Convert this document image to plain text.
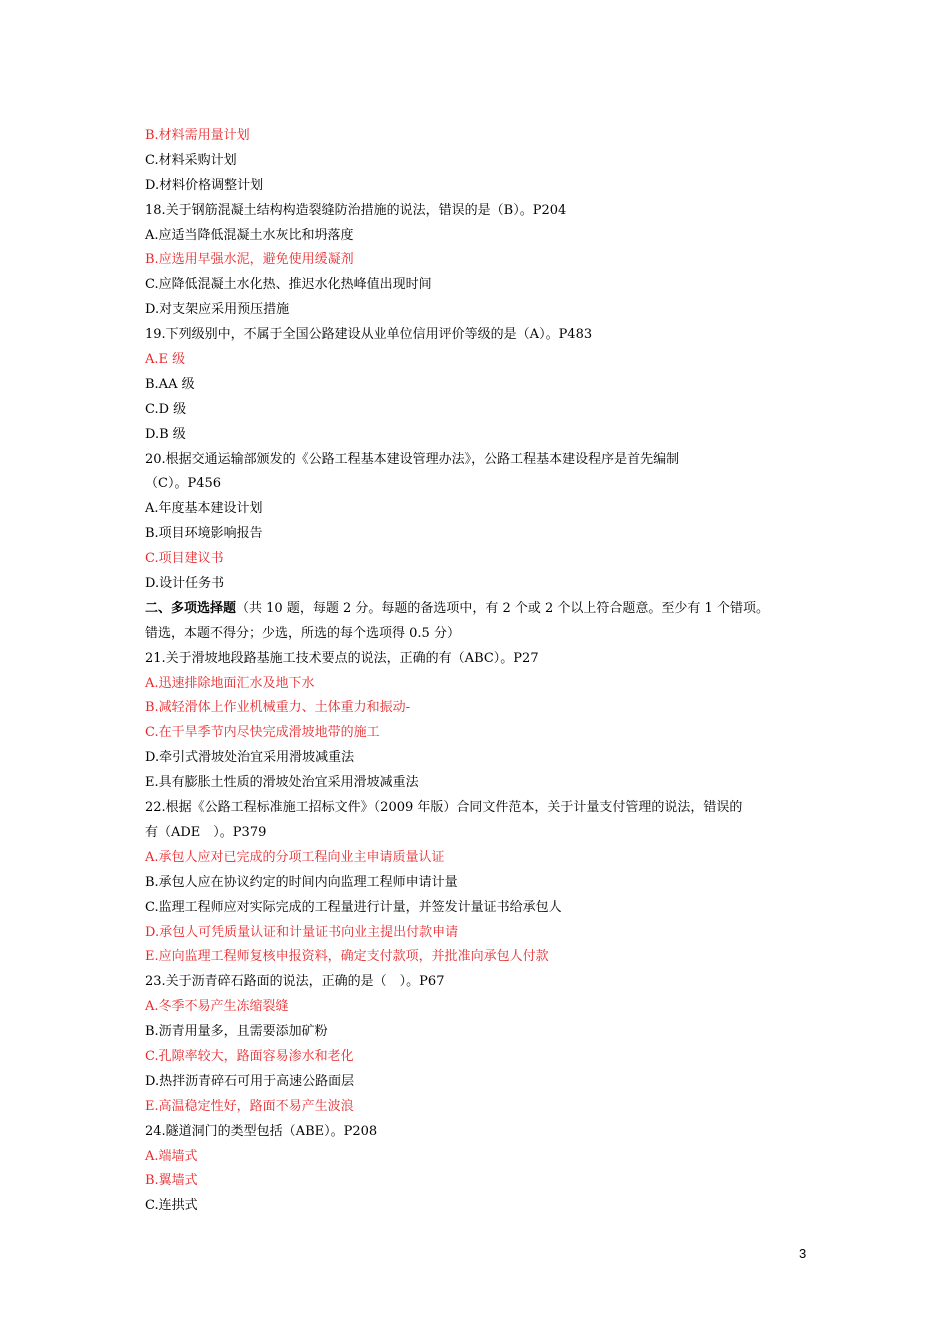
B.材料需用量计划
C.材料采购计划
D.材料价格调整计划
18.关于钢筋混凝土结构构造裂缝防治措施的说法，错误的是（B）。P204
A.应适当降低混凝土水灰比和坍落度
B.应选用早强水泥，避免使用缓凝剂
C.应降低混凝土水化热、推迟水化热峰值出现时间
D.对支架应采用预压措施
19.下列级别中，不属于全国公路建设从业单位信用评价等级的是（A）。P483
A.E 级
B.AA 级
C.D 级
D.B 级
20.根据交通运输部颁发的《公路工程基本建设管理办法》，公路工程基本建设程序是首先编制
（C）。P456
A.年度基本建设计划
B.项目环境影响报告
C.项目建议书
D.设计任务书
二、多项选择题（共 10 题，每题 2 分。每题的备选项中，有 2 个或 2 个以上符合题意。至少有 1 个错项。
错选，本题不得分；少选，所选的每个选项得 0.5 分）
21.关于滑坡地段路基施工技术要点的说法，正确的有（ABC）。P27
A.迅速排除地面汇水及地下水
B.减轻滑体上作业机械重力、土体重力和振动-
C.在干旱季节内尽快完成滑坡地带的施工
D.牵引式滑坡处治宜采用滑坡减重法
E.具有膨胀土性质的滑坡处治宜采用滑坡减重法
22.根据《公路工程标准施工招标文件》（2009 年版）合同文件范本，关于计量支付管理的说法，错误的
有（ADE　）。P379
A.承包人应对已完成的分项工程向业主申请质量认证
B.承包人应在协议约定的时间内向监理工程师申请计量
C.监理工程师应对实际完成的工程量进行计量，并签发计量证书给承包人
D.承包人可凭质量认证和计量证书向业主提出付款申请
E.应向监理工程师复核申报资料，确定支付款项，并批准向承包人付款
23.关于沥青碎石路面的说法，正确的是（　）。P67
A.冬季不易产生冻缩裂缝
B.沥青用量多，且需要添加矿粉
C.孔隙率较大，路面容易渗水和老化
D.热拌沥青碎石可用于高速公路面层
E.高温稳定性好，路面不易产生波浪
24.隧道洞门的类型包括（ABE）。P208
A.端墙式
B.翼墙式
C.连拱式
3
